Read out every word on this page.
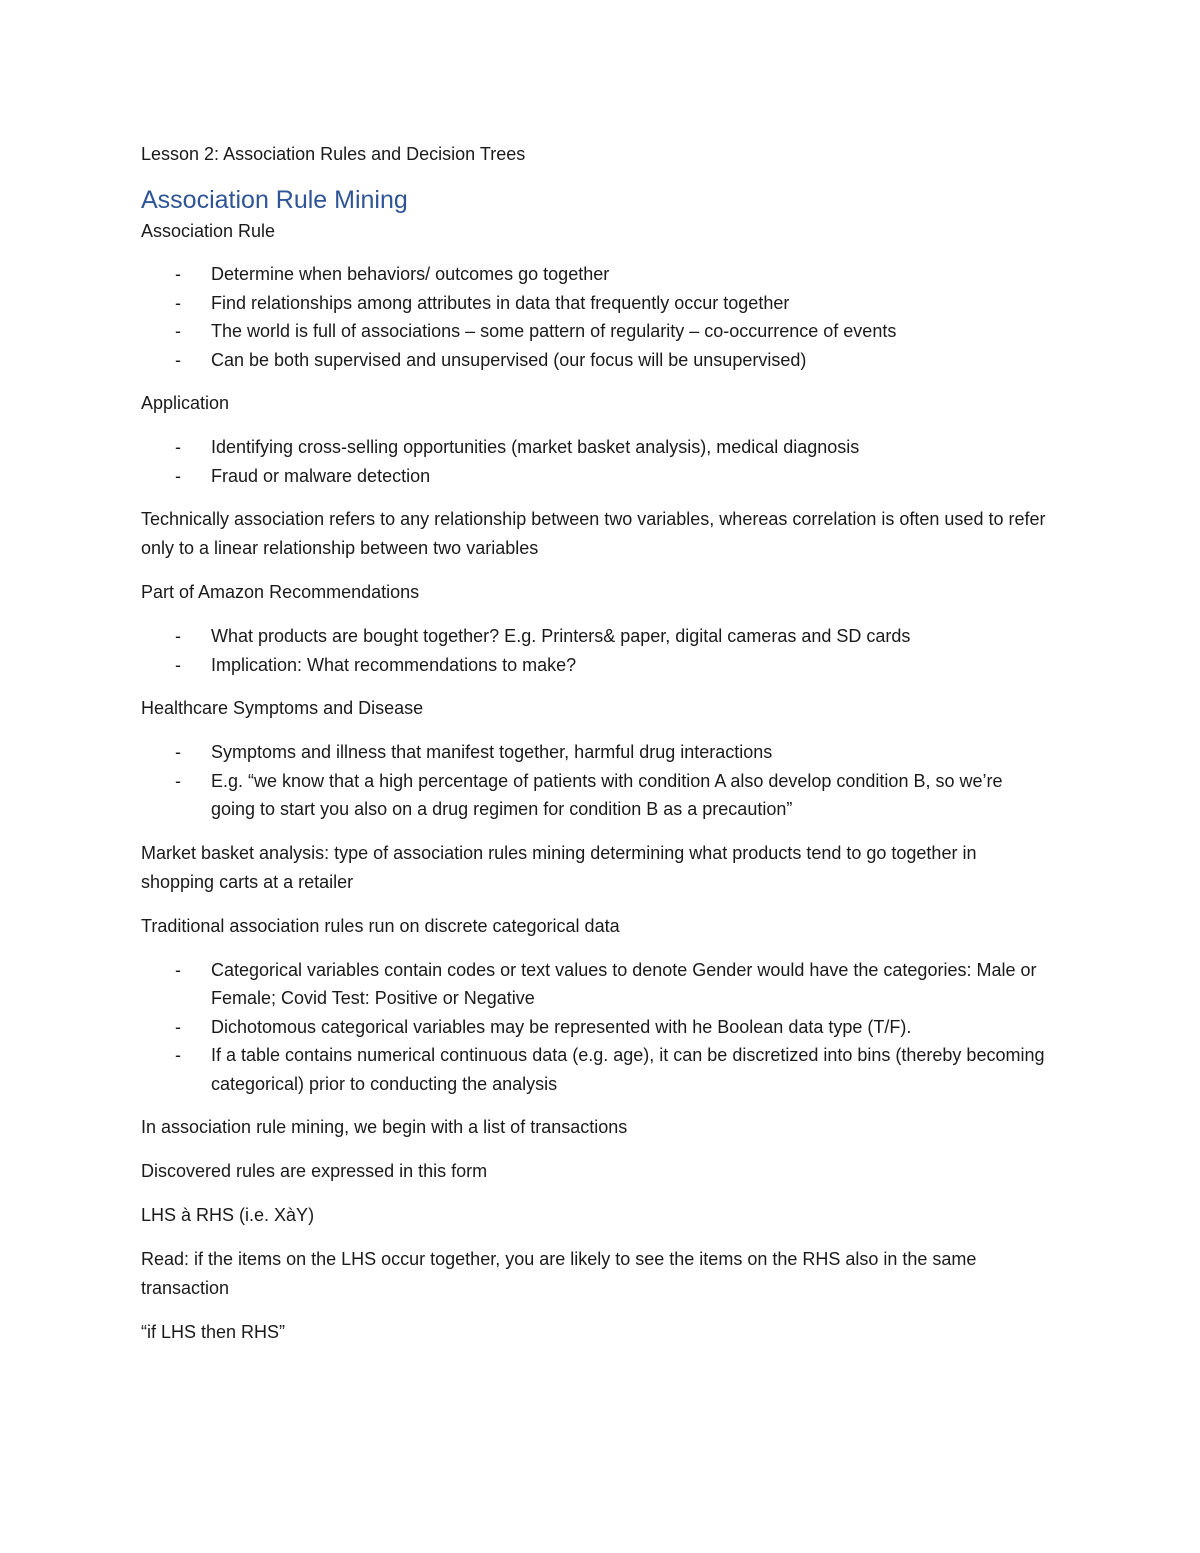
Lesson 2: Association Rules and Decision Trees

Association Rule Mining

Association Rule

- Determine when behaviors/ outcomes go together
- Find relationships among attributes in data that frequently occur together
- The world is full of associations – some pattern of regularity – co-occurrence of events
- Can be both supervised and unsupervised (our focus will be unsupervised)

Application

- Identifying cross-selling opportunities (market basket analysis), medical diagnosis
- Fraud or malware detection

Technically association refers to any relationship between two variables, whereas correlation is often used to refer only to a linear relationship between two variables

Part of Amazon Recommendations

- What products are bought together? E.g. Printers& paper, digital cameras and SD cards
- Implication: What recommendations to make?

Healthcare Symptoms and Disease

- Symptoms and illness that manifest together, harmful drug interactions
- E.g. “we know that a high percentage of patients with condition A also develop condition B, so we’re going to start you also on a drug regimen for condition B as a precaution”

Market basket analysis: type of association rules mining determining what products tend to go together in shopping carts at a retailer

Traditional association rules run on discrete categorical data

- Categorical variables contain codes or text values to denote Gender would have the categories: Male or Female; Covid Test: Positive or Negative
- Dichotomous categorical variables may be represented with he Boolean data type (T/F).
- If a table contains numerical continuous data (e.g. age), it can be discretized into bins (thereby becoming categorical) prior to conducting the analysis

In association rule mining, we begin with a list of transactions

Discovered rules are expressed in this form

LHS à RHS (i.e. XàY)

Read: if the items on the LHS occur together, you are likely to see the items on the RHS also in the same transaction

“if LHS then RHS”
